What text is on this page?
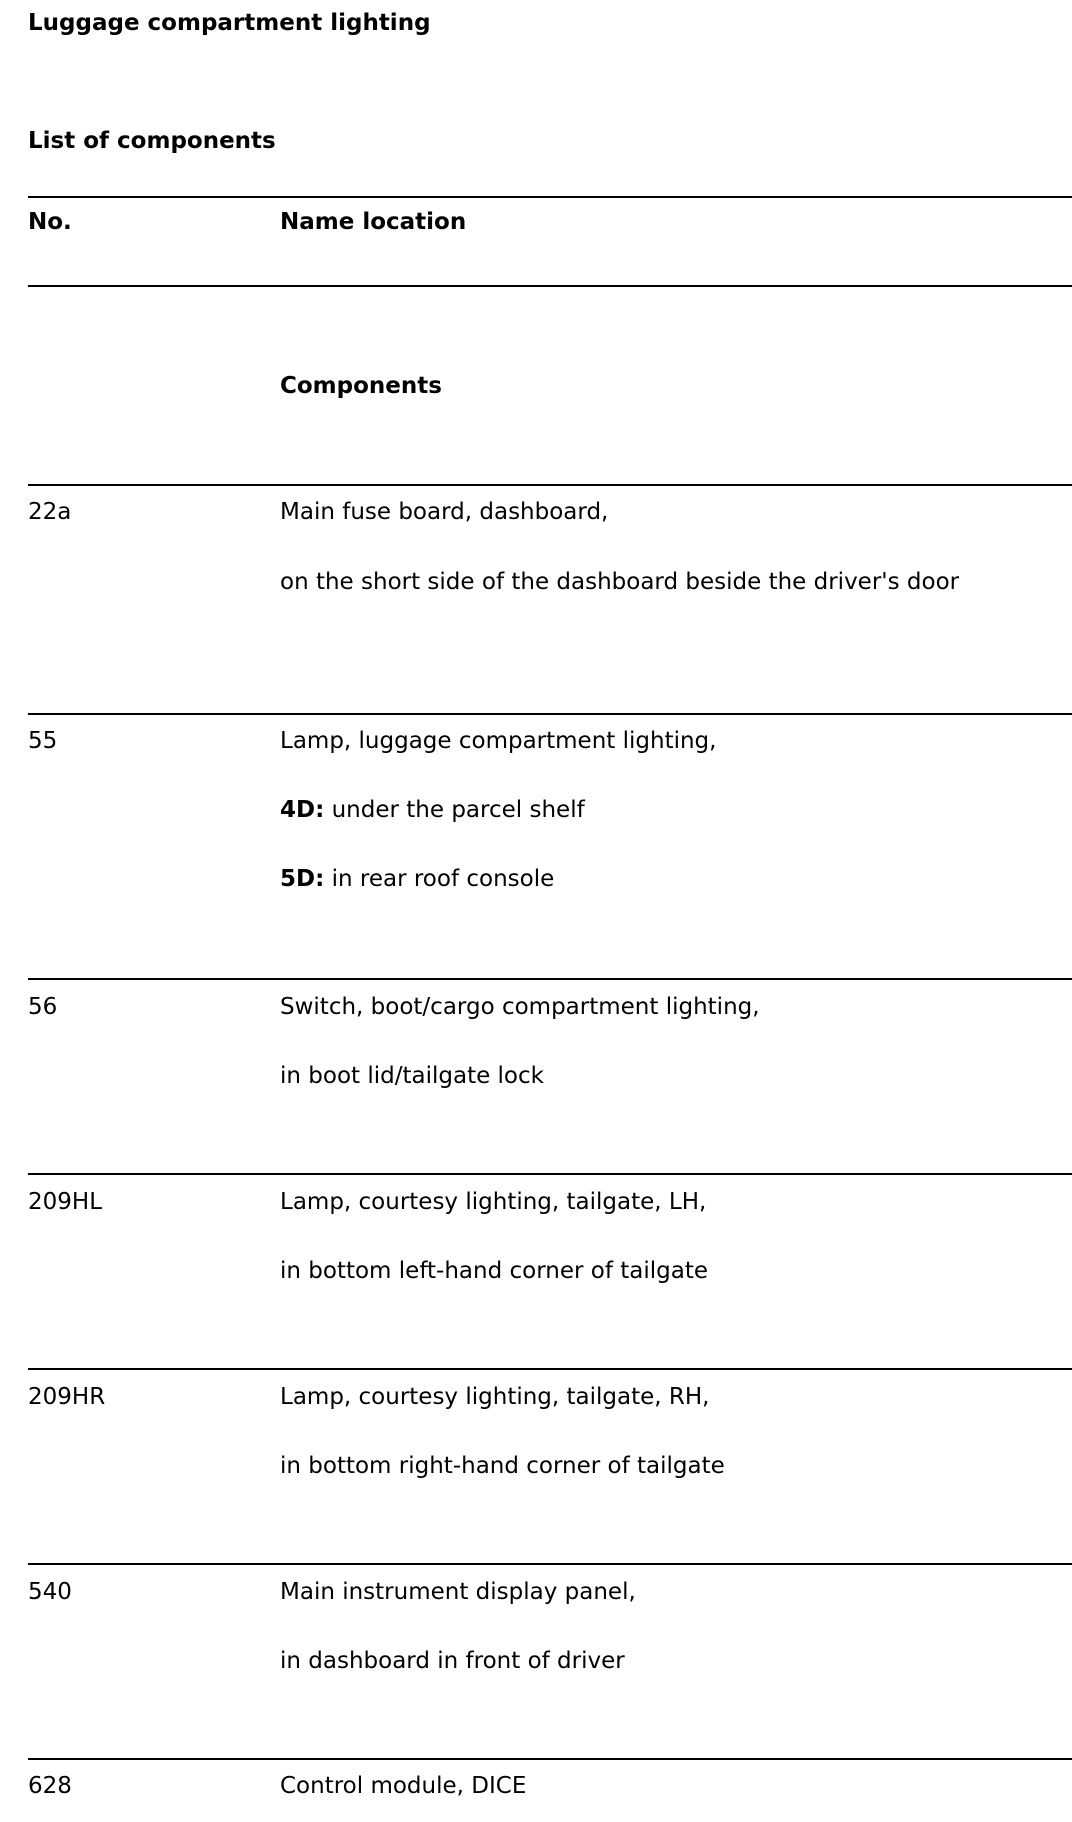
Luggage compartment lighting
List of components
No.	Name location
Components
22a	Main fuse board, dashboard,
on the short side of the dashboard beside the driver's door
55	Lamp, luggage compartment lighting,
4D: under the parcel shelf
5D: in rear roof console
56	Switch, boot/cargo compartment lighting,
in boot lid/tailgate lock
209HL	Lamp, courtesy lighting, tailgate, LH,
in bottom left-hand corner of tailgate
209HR	Lamp, courtesy lighting, tailgate, RH,
in bottom right-hand corner of tailgate
540	Main instrument display panel,
in dashboard in front of driver
628	Control module, DICE
